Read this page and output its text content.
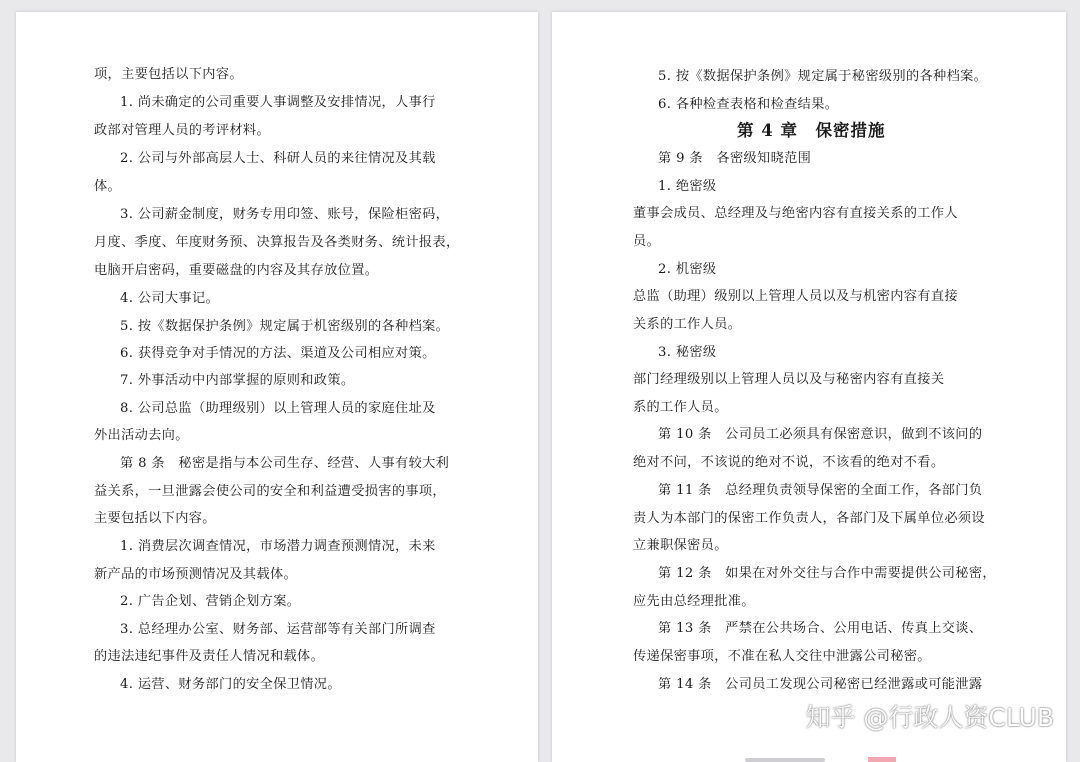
项，主要包括以下内容。
1. 尚未确定的公司重要人事调整及安排情况，人事行
政部对管理人员的考评材料。
2. 公司与外部高层人士、科研人员的来往情况及其载
体。
3. 公司薪金制度，财务专用印签、账号，保险柜密码，
月度、季度、年度财务预、决算报告及各类财务、统计报表，
电脑开启密码，重要磁盘的内容及其存放位置。
4. 公司大事记。
5. 按《数据保护条例》规定属于机密级别的各种档案。
6. 获得竞争对手情况的方法、渠道及公司相应对策。
7. 外事活动中内部掌握的原则和政策。
8. 公司总监（助理级别）以上管理人员的家庭住址及
外出活动去向。
第 8 条　秘密是指与本公司生存、经营、人事有较大利
益关系，一旦泄露会使公司的安全和利益遭受损害的事项，
主要包括以下内容。
1. 消费层次调查情况，市场潜力调查预测情况，未来
新产品的市场预测情况及其载体。
2. 广告企划、营销企划方案。
3. 总经理办公室、财务部、运营部等有关部门所调查
的违法违纪事件及责任人情况和载体。
4. 运营、财务部门的安全保卫情况。
5. 按《数据保护条例》规定属于秘密级别的各种档案。
6. 各种检查表格和检查结果。
第 4 章　保密措施
第 9 条　各密级知晓范围
1. 绝密级
董事会成员、总经理及与绝密内容有直接关系的工作人
员。
2. 机密级
总监（助理）级别以上管理人员以及与机密内容有直接
关系的工作人员。
3. 秘密级
部门经理级别以上管理人员以及与秘密内容有直接关
系的工作人员。
第 10 条　公司员工必须具有保密意识，做到不该问的
绝对不问，不该说的绝对不说，不该看的绝对不看。
第 11 条　总经理负责领导保密的全面工作，各部门负
责人为本部门的保密工作负责人，各部门及下属单位必须设
立兼职保密员。
第 12 条　如果在对外交往与合作中需要提供公司秘密，
应先由总经理批准。
第 13 条　严禁在公共场合、公用电话、传真上交谈、
传递保密事项，不准在私人交往中泄露公司秘密。
第 14 条　公司员工发现公司秘密已经泄露或可能泄露
知乎 @行政人资CLUB
